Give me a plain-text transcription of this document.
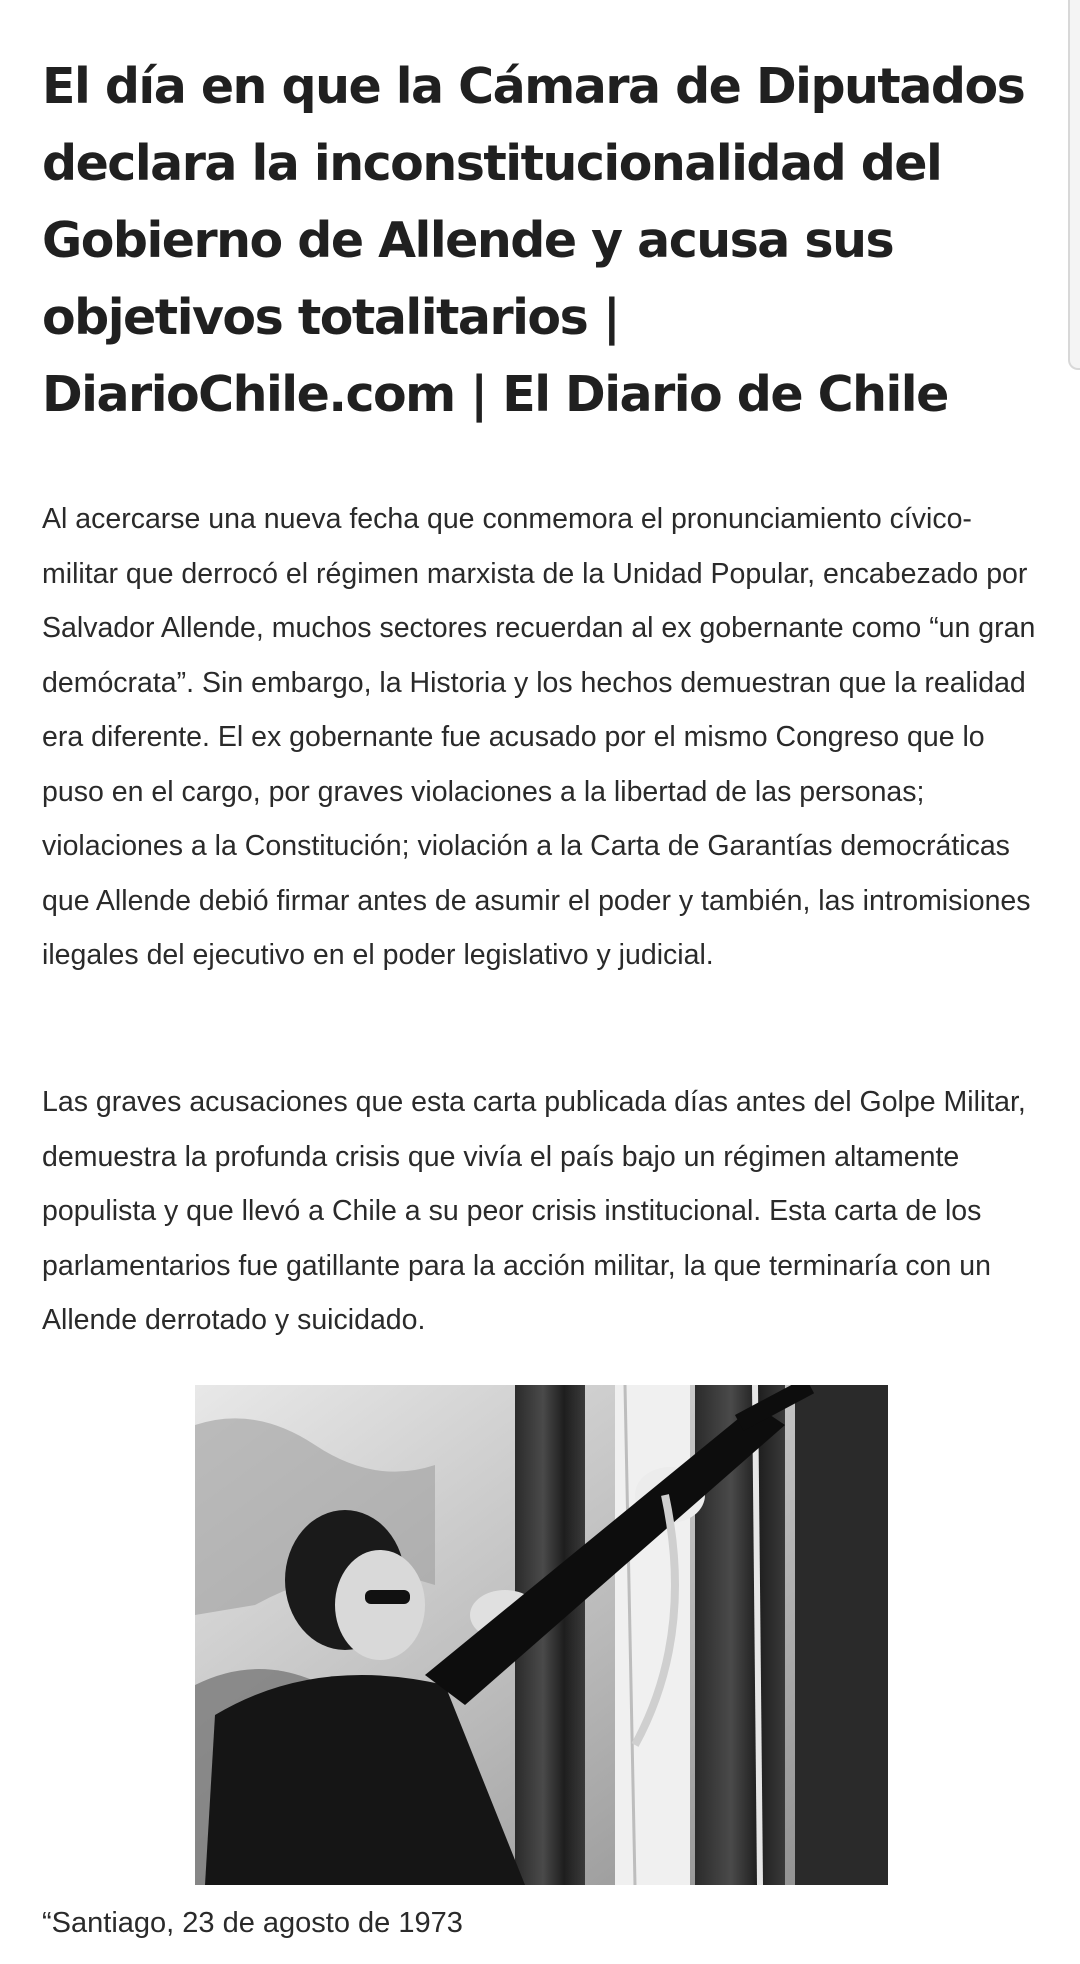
El día en que la Cámara de Diputados declara la inconstitucionalidad del Gobierno de Allende y acusa sus objetivos totalitarios | DiarioChile.com | El Diario de Chile

Al acercarse una nueva fecha que conmemora el pronunciamiento cívico-militar que derrocó el régimen marxista de la Unidad Popular, encabezado por Salvador Allende, muchos sectores recuerdan al ex gobernante como “un gran demócrata”. Sin embargo, la Historia y los hechos demuestran que la realidad era diferente. El ex gobernante fue acusado por el mismo Congreso que lo puso en el cargo, por graves violaciones a la libertad de las personas; violaciones a la Constitución; violación a la Carta de Garantías democráticas que Allende debió firmar antes de asumir el poder y también, las intromisiones ilegales del ejecutivo en el poder legislativo y judicial.

Las graves acusaciones que esta carta publicada días antes del Golpe Militar, demuestra la profunda crisis que vivía el país bajo un régimen altamente populista y que llevó a Chile a su peor crisis institucional. Esta carta de los parlamentarios fue gatillante para la acción militar, la que terminaría con un Allende derrotado y suicidado.

“Santiago, 23 de agosto de 1973
